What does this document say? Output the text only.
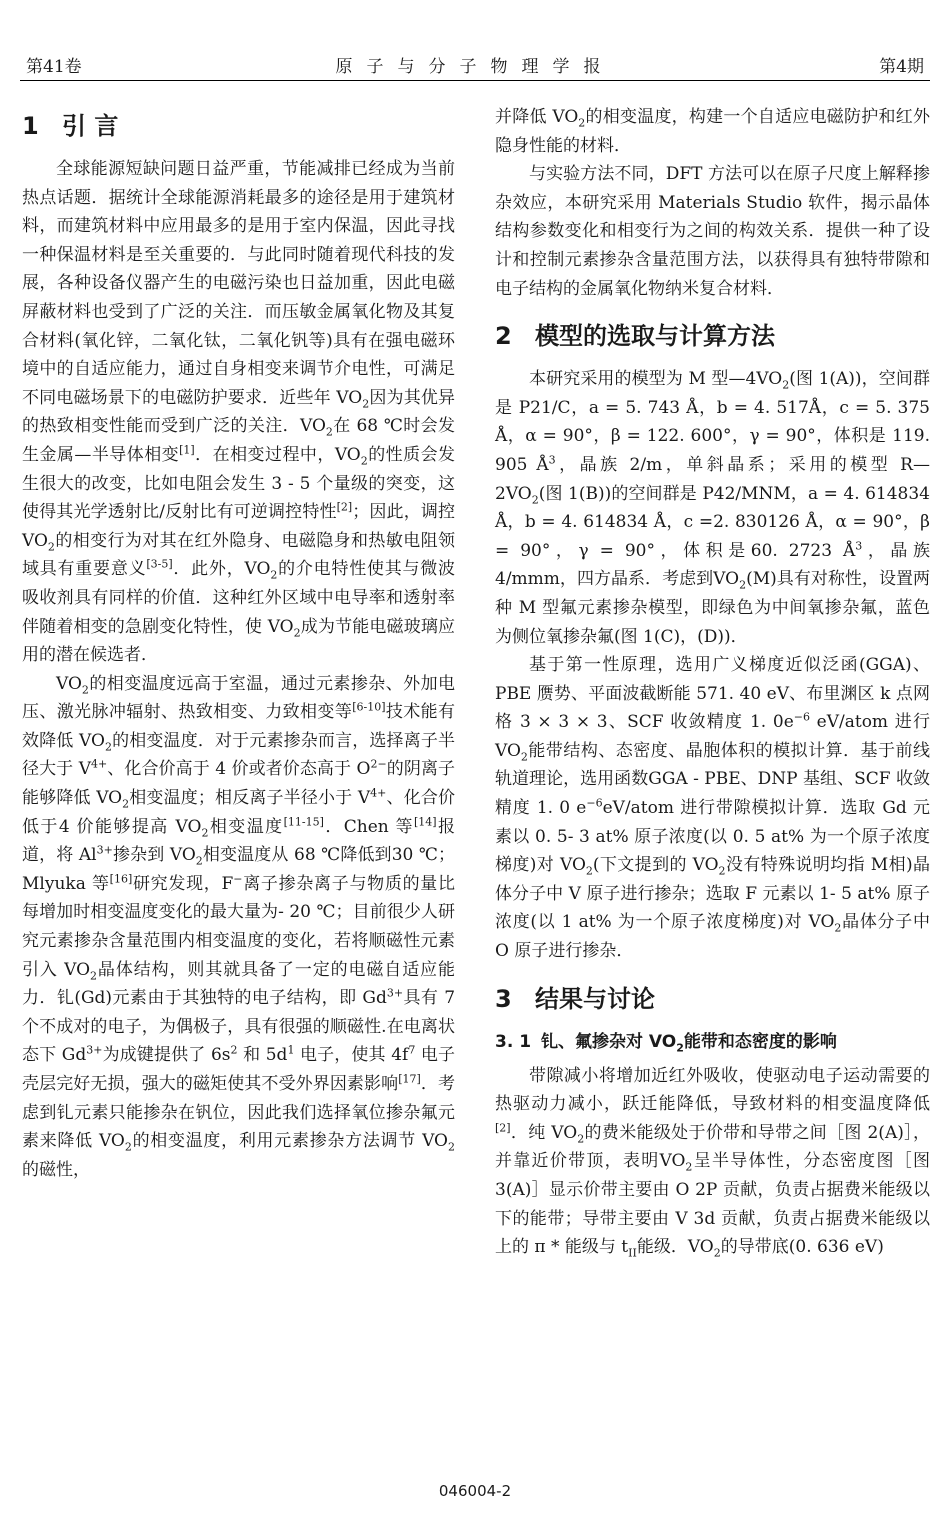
第41卷	原子与分子物理学报	第4期
1 引 言

全球能源短缺问题日益严重，节能减排已经成为当前热点话题．据统计全球能源消耗最多的途径是用于建筑材料，而建筑材料中应用最多的是用于室内保温，因此寻找一种保温材料是至关重要的．与此同时随着现代科技的发展，各种设备仪器产生的电磁污染也日益加重，因此电磁屏蔽材料也受到了广泛的关注．而压敏金属氧化物及其复合材料(氧化锌，二氧化钛，二氧化钒等)具有在强电磁环境中的自适应能力，通过自身相变来调节介电性，可满足不同电磁场景下的电磁防护要求．近些年 $VO_2$因为其优异的热致相变性能而受到广泛的关注．$VO_2$在 68 ℃时会发生金属—半导体相变[1]．在相变过程中，$VO_2$的性质会发生很大的改变，比如电阻会发生 3 - 5 个量级的突变，这使得其光学透射比/反射比有可逆调控特性[2]；因此，调控 $VO_2$的相变行为对其在红外隐身、电磁隐身和热敏电阻领域具有重要意义[3-5]．此外，$VO_2$的介电特性使其与微波吸收剂具有同样的价值．这种红外区域中电导率和透射率伴随着相变的急剧变化特性，使 $VO_2$成为节能电磁玻璃应用的潜在候选者．

$VO_2$的相变温度远高于室温，通过元素掺杂、外加电压、激光脉冲辐射、热致相变、力致相变等[6-10]技术能有效降低 $VO_2$的相变温度．对于元素掺杂而言，选择离子半径大于 $V^{4+}$、化合价高于 4 价或者价态高于 $O^{2-}$的阴离子能够降低 $VO_2$相变温度；相反离子半径小于 $V^{4+}$、化合价低于4 价能够提高 $VO_2$相变温度[11-15]．Chen 等[14]报道，将 $Al^{3+}$掺杂到 $VO_2$相变温度从 68 ℃降低到30 ℃；Mlyuka 等[16]研究发现，F−离子掺杂离子与物质的量比每增加时相变温度变化的最大量为- 20 ℃；目前很少人研究元素掺杂含量范围内相变温度的变化，若将顺磁性元素引入 $VO_2$晶体结构，则其就具备了一定的电磁自适应能力．钆(Gd)元素由于其独特的电子结构，即 $Gd^{3+}$具有 7个不成对的电子，为偶极子，具有很强的顺磁性.在电离状态下 $Gd^{3+}$为成键提供了 $6s^2$ 和 $5d^1$ 电子，使其 $4f^7$ 电子壳层完好无损，强大的磁矩使其不受外界因素影响[17]．考虑到钆元素只能掺杂在钒位，因此我们选择氧位掺杂氟元素来降低 $VO_2$的相变温度，利用元素掺杂方法调节 $VO_2$的磁性，

并降低 $VO_2$的相变温度，构建一个自适应电磁防护和红外隐身性能的材料．

与实验方法不同，DFT 方法可以在原子尺度上解释掺杂效应，本研究采用 Materials Studio 软件，揭示晶体结构参数变化和相变行为之间的构效关系．提供一种了设计和控制元素掺杂含量范围方法，以获得具有独特带隙和电子结构的金属氧化物纳米复合材料．

2 模型的选取与计算方法

本研究采用的模型为 M 型$—4VO_2$(图 1(A))，空间群是 P21/C，a = 5. 743 Å，b = 4. 517Å，c = 5. 375 Å，α = 90°，β = 122. 600°，γ = 90°，体积是 119. 905 $Å^3$，晶族 2/m，单斜晶系；采用的模型 $R—2VO_2$(图 1(B))的空间群是 P42/MNM，a = 4. 614834 Å，b = 4. 614834 Å，c =2. 830126 Å，α = 90°，β = 90°，γ = 90°，体积是60. 2723 $Å^3$，晶族 4/mmm，四方晶系．考虑到$VO_2(M)$具有对称性，设置两种 M 型氟元素掺杂模型，即绿色为中间氧掺杂氟，蓝色为侧位氧掺杂氟(图 1(C)，(D))．

基于第一性原理，选用广义梯度近似泛函(GGA)、PBE 赝势、平面波截断能 571. 40 eV、布里渊区 k 点网格 3 × 3 × 3、SCF 收敛精度 1. $0e^{-6}$ eV/atom 进行 $VO_2$能带结构、态密度、晶胞体积的模拟计算．基于前线轨道理论，选用函数GGA - PBE、DNP 基组、SCF 收敛精度 1. 0 $e^{-6}eV$/atom 进行带隙模拟计算．选取 Gd 元素以 0. 5- 3 at% 原子浓度(以 0. 5 at% 为一个原子浓度梯度)对 $VO_2$(下文提到的 $VO_2$没有特殊说明均指 M相)晶体分子中 V 原子进行掺杂；选取 F 元素以 1- 5 at% 原子浓度(以 1 at% 为一个原子浓度梯度)对 $VO_2$晶体分子中 O 原子进行掺杂．

3 结果与讨论
3. 1 钆、氟掺杂对 $VO_2$能带和态密度的影响

带隙减小将增加近红外吸收，使驱动电子运动需要的热驱动力减小，跃迁能降低，导致材料的相变温度降低[2]．纯 $VO_2$的费米能级处于价带和导带之间［图 2(A)］，并靠近价带顶，表明$VO_2$呈半导体性，分态密度图［图 3(A)］显示价带主要由 O 2P 贡献，负责占据费米能级以下的能带；导带主要由 V 3d 贡献，负责占据费米能级以上的 π * 能级与 $t_{II}$能级．$VO_2$的导带底(0. 636 eV)

046004-2
